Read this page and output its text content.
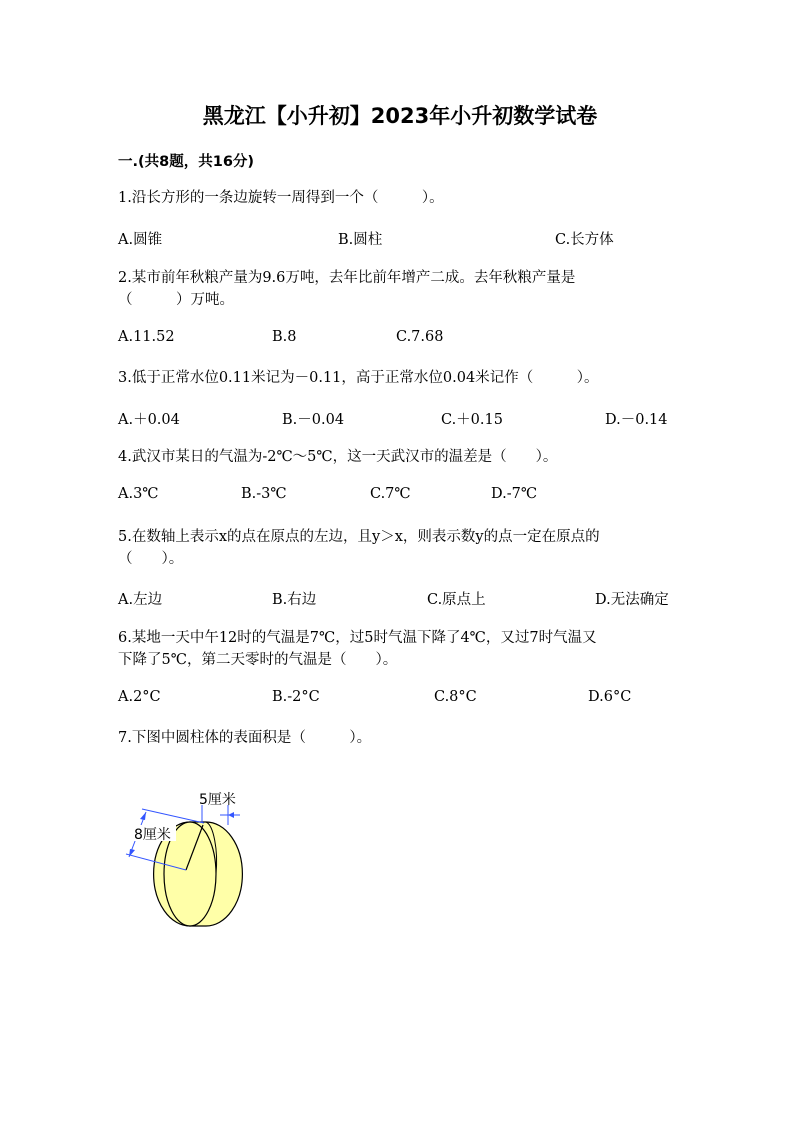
黑龙江【小升初】2023年小升初数学试卷
一.(共8题，共16分)
1.沿长方形的一条边旋转一周得到一个（　　　）。
A.圆锥	B.圆柱	C.长方体
2.某市前年秋粮产量为9.6万吨，去年比前年增产二成。去年秋粮产量是
（　　　）万吨。
A.11.52	B.8	C.7.68
3.低于正常水位0.11米记为－0.11，高于正常水位0.04米记作（　　　）。
A.＋0.04	B.－0.04	C.＋0.15	D.－0.14
4.武汉市某日的气温为-2℃～5℃，这一天武汉市的温差是（　　）。
A.3℃	B.-3℃	C.7℃	D.-7℃
5.在数轴上表示x的点在原点的左边，且y＞x，则表示数y的点一定在原点的
（　　）。
A.左边	B.右边	C.原点上	D.无法确定
6.某地一天中午12时的气温是7℃，过5时气温下降了4℃，又过7时气温又
下降了5℃，第二天零时的气温是（　　）。
A.2°C	B.-2°C	C.8°C	D.6°C
7.下图中圆柱体的表面积是（　　　）。
8厘米
5厘米
